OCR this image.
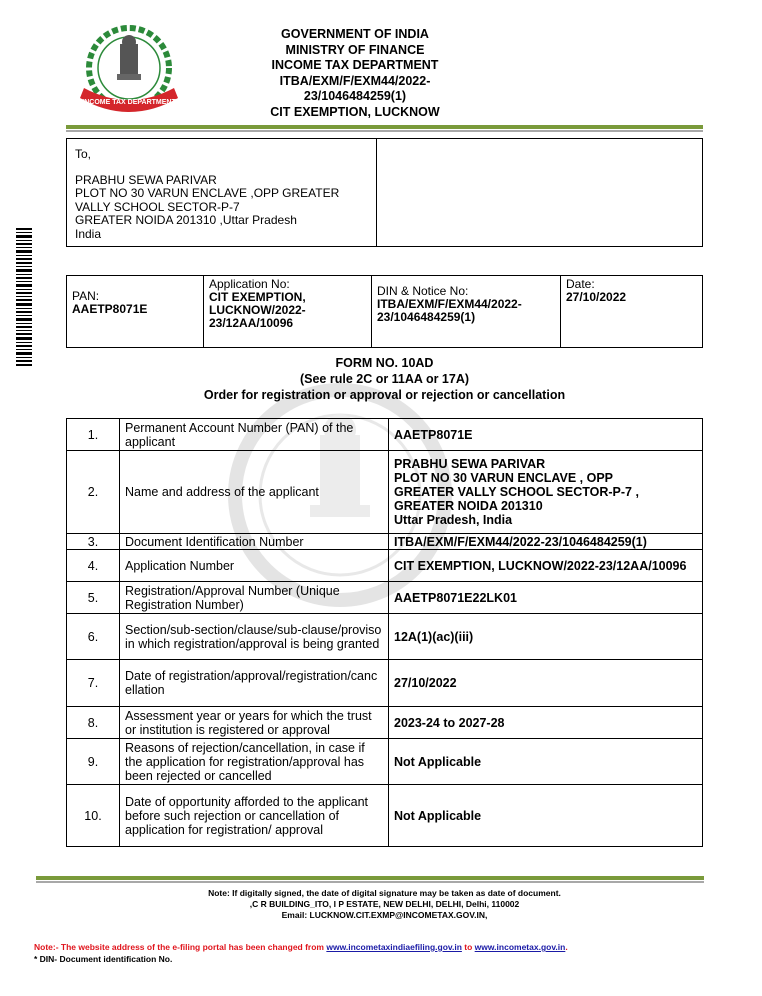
INCOME TAX DEPARTMENT
GOVERNMENT OF INDIA
MINISTRY OF FINANCE
INCOME TAX DEPARTMENT
ITBA/EXM/F/EXM44/2022-
23/1046484259(1)
CIT EXEMPTION, LUCKNOW
To,
PRABHU SEWA PARIVAR
PLOT NO 30 VARUN ENCLAVE ,OPP GREATER
VALLY SCHOOL SECTOR-P-7
GREATER NOIDA 201310 ,Uttar Pradesh
India

PAN:
AAETP8071E

Application No:
CIT EXEMPTION,
LUCKNOW/2022-
23/12AA/10096

DIN & Notice No:
ITBA/EXM/F/EXM44/2022-
23/1046484259(1)

Date:
27/10/2022
FORM NO. 10AD
(See rule 2C or 11AA or 17A)
Order for registration or approval or rejection or cancellation
1.	Permanent Account Number (PAN) of the applicant	AAETP8071E
2.	Name and address of the applicant	PRABHU SEWA PARIVAR
PLOT NO 30 VARUN ENCLAVE , OPP
GREATER VALLY SCHOOL SECTOR-P-7 ,
GREATER NOIDA 201310
Uttar Pradesh, India

3.	Document Identification Number	ITBA/EXM/F/EXM44/2022-23/1046484259(1)
4.	Application Number	CIT EXEMPTION, LUCKNOW/2022-23/12AA/10096
5.	Registration/Approval Number (Unique Registration Number)	AAETP8071E22LK01
6.	Section/sub-section/clause/sub-clause/proviso in which registration/approval is being granted	12A(1)(ac)(iii)
7.	Date of registration/approval/registration/cancellation	27/10/2022
8.	Assessment year or years for which the trust or institution is registered or approval	2023-24 to 2027-28
9.	Reasons of rejection/cancellation, in case if the application for registration/approval has been rejected or cancelled	Not Applicable
10.	Date of opportunity afforded to the applicant before such rejection or cancellation of application for registration/ approval	Not Applicable
Note: If digitally signed, the date of digital signature may be taken as date of document.
,C R BUILDING_ITO, I P ESTATE, NEW DELHI, DELHI, Delhi, 110002
Email: LUCKNOW.CIT.EXMP@INCOMETAX.GOV.IN,
Note:- The website address of the e-filing portal has been changed from www.incometaxindiaefiling.gov.in to www.incometax.gov.in.
* DIN- Document identification No.
